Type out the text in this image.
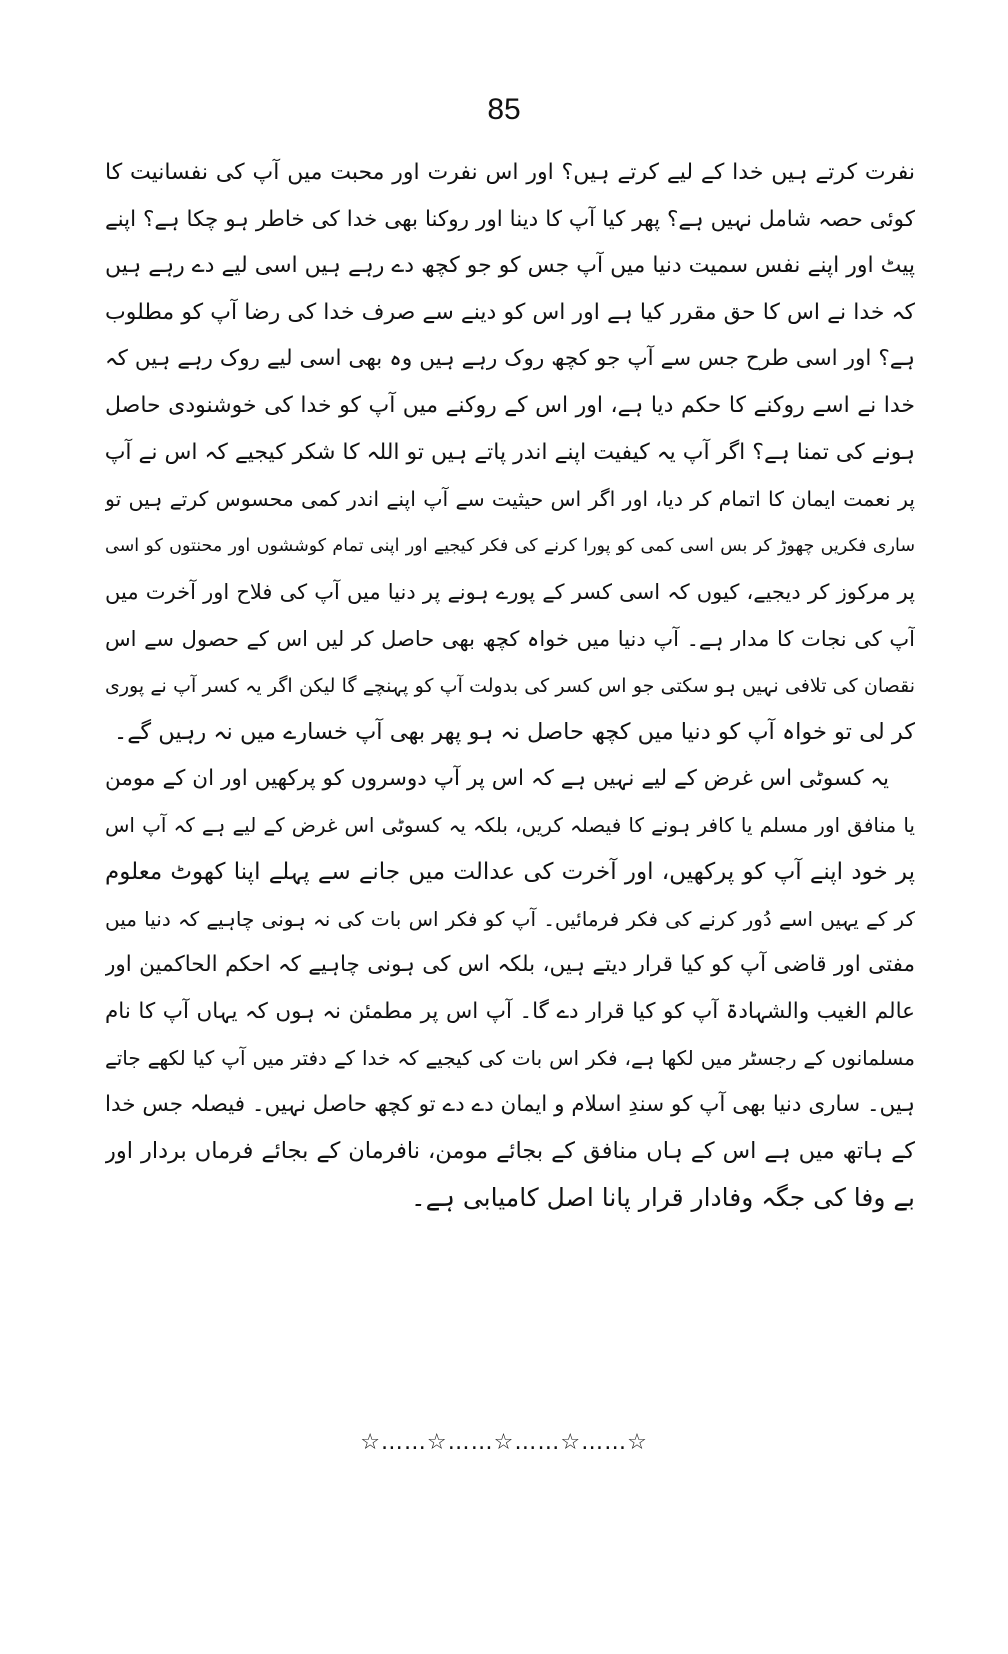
85
نفرت کرتے ہیں خدا کے لیے کرتے ہیں؟ اور اس نفرت اور محبت میں آپ کی نفسانیت کا
کوئی حصہ شامل نہیں ہے؟ پھر کیا آپ کا دینا اور روکنا بھی خدا کی خاطر ہو چکا ہے؟ اپنے
پیٹ اور اپنے نفس سمیت دنیا میں آپ جس کو جو کچھ دے رہے ہیں اسی لیے دے رہے ہیں
کہ خدا نے اس کا حق مقرر کیا ہے اور اس کو دینے سے صرف خدا کی رضا آپ کو مطلوب
ہے؟ اور اسی طرح جس سے آپ جو کچھ روک رہے ہیں وہ بھی اسی لیے روک رہے ہیں کہ
خدا نے اسے روکنے کا حکم دیا ہے، اور اس کے روکنے میں آپ کو خدا کی خوشنودی حاصل
ہونے کی تمنا ہے؟ اگر آپ یہ کیفیت اپنے اندر پاتے ہیں تو اللہ کا شکر کیجیے کہ اس نے آپ
پر نعمت ایمان کا اتمام کر دیا، اور اگر اس حیثیت سے آپ اپنے اندر کمی محسوس کرتے ہیں تو
ساری فکریں چھوڑ کر بس اسی کمی کو پورا کرنے کی فکر کیجیے اور اپنی تمام کوششوں اور محنتوں کو اسی
پر مرکوز کر دیجیے، کیوں کہ اسی کسر کے پورے ہونے پر دنیا میں آپ کی فلاح اور آخرت میں
آپ کی نجات کا مدار ہے۔ آپ دنیا میں خواہ کچھ بھی حاصل کر لیں اس کے حصول سے اس
نقصان کی تلافی نہیں ہو سکتی جو اس کسر کی بدولت آپ کو پہنچے گا لیکن اگر یہ کسر آپ نے پوری
کر لی تو خواہ آپ کو دنیا میں کچھ حاصل نہ ہو پھر بھی آپ خسارے میں نہ رہیں گے۔
یہ کسوٹی اس غرض کے لیے نہیں ہے کہ اس پر آپ دوسروں کو پرکھیں اور ان کے مومن
یا منافق اور مسلم یا کافر ہونے کا فیصلہ کریں، بلکہ یہ کسوٹی اس غرض کے لیے ہے کہ آپ اس
پر خود اپنے آپ کو پرکھیں، اور آخرت کی عدالت میں جانے سے پہلے اپنا کھوٹ معلوم
کر کے یہیں اسے دُور کرنے کی فکر فرمائیں۔ آپ کو فکر اس بات کی نہ ہونی چاہیے کہ دنیا میں
مفتی اور قاضی آپ کو کیا قرار دیتے ہیں، بلکہ اس کی ہونی چاہیے کہ احکم الحاکمین اور
عالم الغیب والشہادۃ آپ کو کیا قرار دے گا۔ آپ اس پر مطمئن نہ ہوں کہ یہاں آپ کا نام
مسلمانوں کے رجسٹر میں لکھا ہے، فکر اس بات کی کیجیے کہ خدا کے دفتر میں آپ کیا لکھے جاتے
ہیں۔ ساری دنیا بھی آپ کو سندِ اسلام و ایمان دے دے تو کچھ حاصل نہیں۔ فیصلہ جس خدا
کے ہاتھ میں ہے اس کے ہاں منافق کے بجائے مومن، نافرمان کے بجائے فرماں بردار اور
بے وفا کی جگہ وفادار قرار پانا اصل کامیابی ہے۔
☆……☆……☆……☆……☆
